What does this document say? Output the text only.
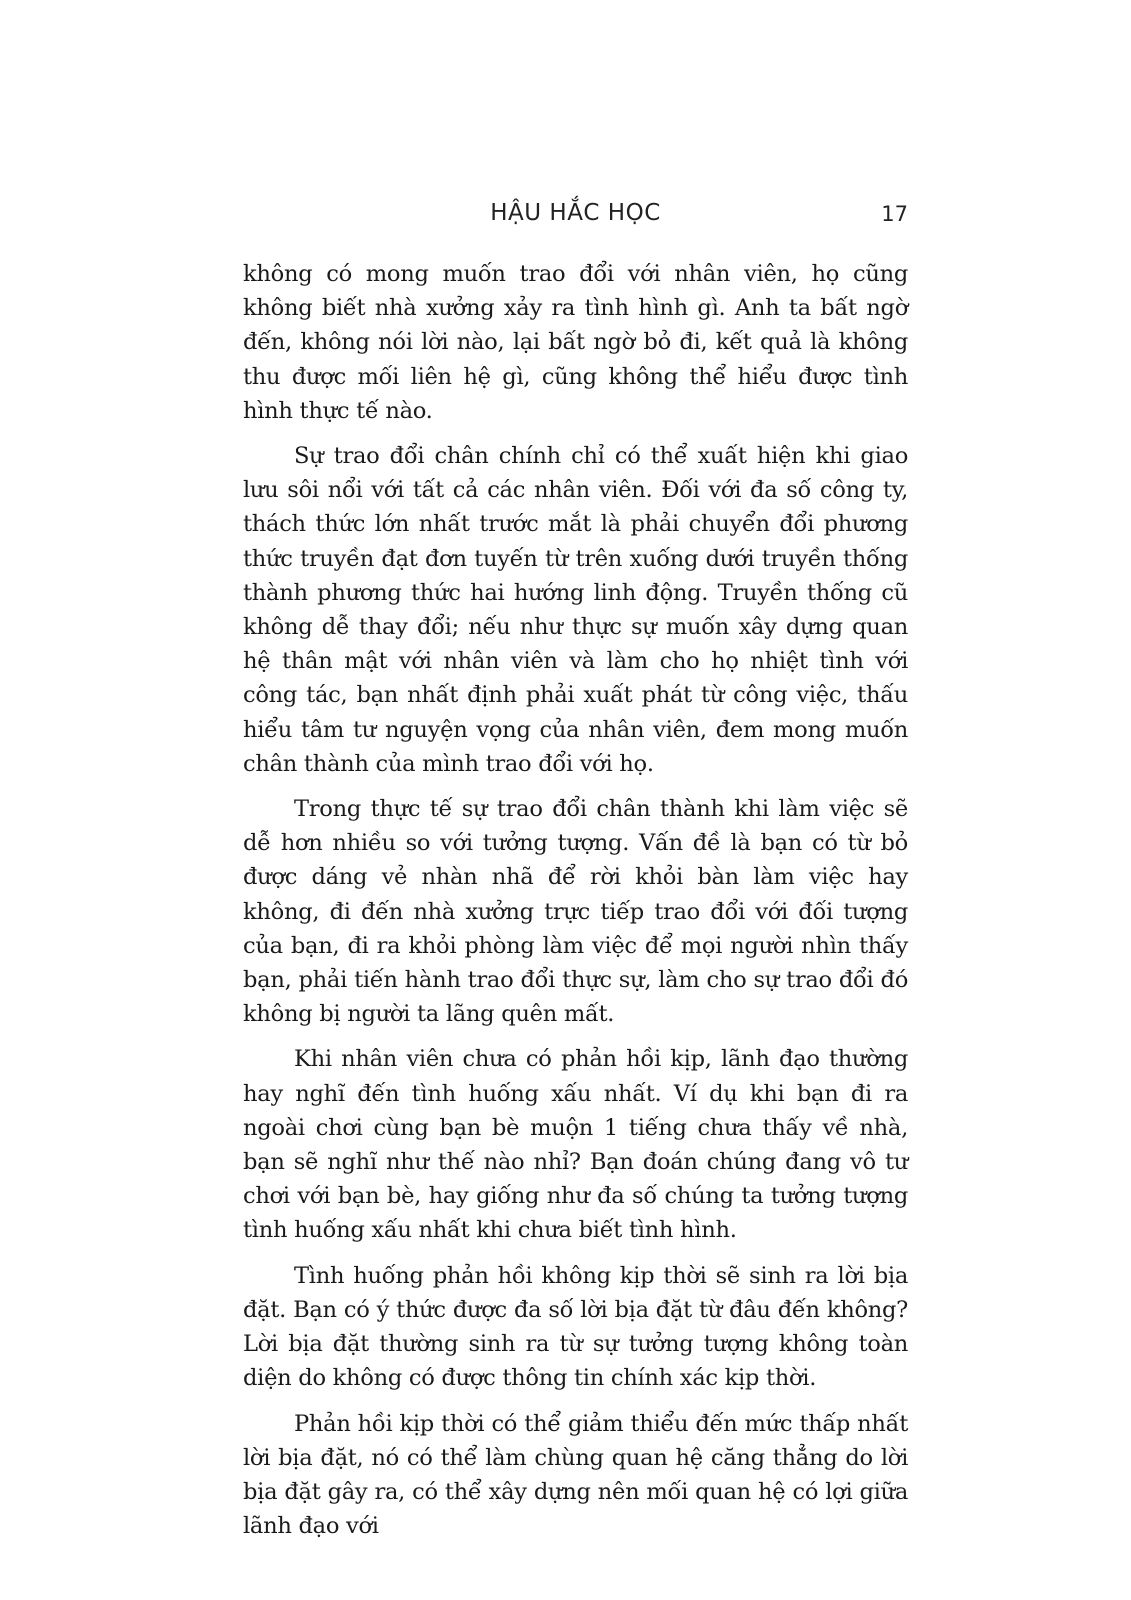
HẬU HẮC HỌC	17

không có mong muốn trao đổi với nhân viên, họ cũng không biết nhà xưởng xảy ra tình hình gì. Anh ta bất ngờ đến, không nói lời nào, lại bất ngờ bỏ đi, kết quả là không thu được mối liên hệ gì, cũng không thể hiểu được tình hình thực tế nào.

Sự trao đổi chân chính chỉ có thể xuất hiện khi giao lưu sôi nổi với tất cả các nhân viên. Đối với đa số công ty, thách thức lớn nhất trước mắt là phải chuyển đổi phương thức truyền đạt đơn tuyến từ trên xuống dưới truyền thống thành phương thức hai hướng linh động. Truyền thống cũ không dễ thay đổi; nếu như thực sự muốn xây dựng quan hệ thân mật với nhân viên và làm cho họ nhiệt tình với công tác, bạn nhất định phải xuất phát từ công việc, thấu hiểu tâm tư nguyện vọng của nhân viên, đem mong muốn chân thành của mình trao đổi với họ.

Trong thực tế sự trao đổi chân thành khi làm việc sẽ dễ hơn nhiều so với tưởng tượng. Vấn đề là bạn có từ bỏ được dáng vẻ nhàn nhã để rời khỏi bàn làm việc hay không, đi đến nhà xưởng trực tiếp trao đổi với đối tượng của bạn, đi ra khỏi phòng làm việc để mọi người nhìn thấy bạn, phải tiến hành trao đổi thực sự, làm cho sự trao đổi đó không bị người ta lãng quên mất.

Khi nhân viên chưa có phản hồi kịp, lãnh đạo thường hay nghĩ đến tình huống xấu nhất. Ví dụ khi bạn đi ra ngoài chơi cùng bạn bè muộn 1 tiếng chưa thấy về nhà, bạn sẽ nghĩ như thế nào nhỉ? Bạn đoán chúng đang vô tư chơi với bạn bè, hay giống như đa số chúng ta tưởng tượng tình huống xấu nhất khi chưa biết tình hình.

Tình huống phản hồi không kịp thời sẽ sinh ra lời bịa đặt. Bạn có ý thức được đa số lời bịa đặt từ đâu đến không? Lời bịa đặt thường sinh ra từ sự tưởng tượng không toàn diện do không có được thông tin chính xác kịp thời.

Phản hồi kịp thời có thể giảm thiểu đến mức thấp nhất lời bịa đặt, nó có thể làm chùng quan hệ căng thẳng do lời bịa đặt gây ra, có thể xây dựng nên mối quan hệ có lợi giữa lãnh đạo với
